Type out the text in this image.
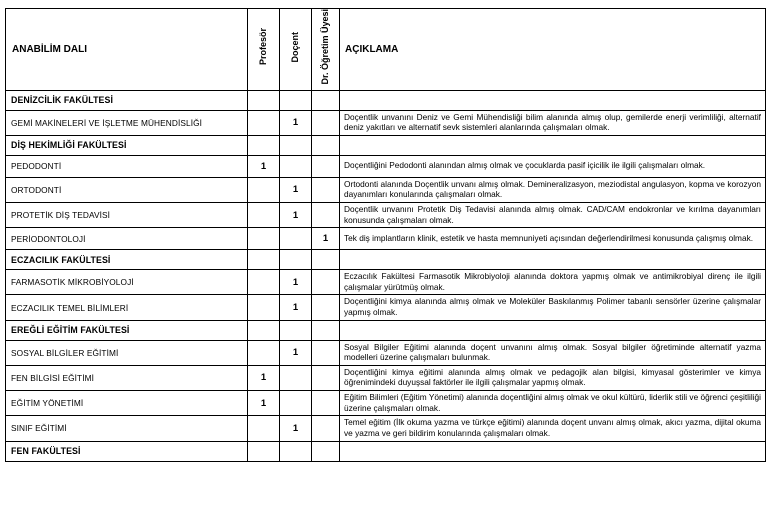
ANABİLİM DALI	Profesör	Doçent	Dr. Öğretim Üyesi	AÇIKLAMA
DENİZCİLİK FAKÜLTESİ				
GEMİ MAKİNELERİ VE İŞLETME MÜHENDİSLİĞİ		1		Doçentlik unvanını Deniz ve Gemi Mühendisliği bilim alanında almış olup, gemilerde enerji verimliliği, alternatif deniz yakıtları ve alternatif sevk sistemleri alanlarında çalışmaları olmak.
DİŞ HEKİMLİĞİ FAKÜLTESİ				
PEDODONTİ	1			Doçentliğini Pedodonti alanından almış olmak ve çocuklarda pasif içicilik ile ilgili çalışmaları olmak.
ORTODONTİ		1		Ortodonti alanında Doçentlik unvanı almış olmak. Demineralizasyon, meziodistal angulasyon, kopma ve korozyon dayanımları konularında çalışmaları olmak.
PROTETİK DİŞ TEDAVİSİ		1		Doçentlik unvanını Protetik Diş Tedavisi alanında almış olmak. CAD/CAM endokronlar ve kırılma dayanımları konusunda çalışmaları olmak.
PERİODONTOLOJİ			1	Tek diş implantların klinik, estetik ve hasta memnuniyeti açısından değerlendirilmesi konusunda çalışmış olmak.
ECZACILIK FAKÜLTESİ				
FARMASOTİK MİKROBİYOLOJİ		1		Eczacılık Fakültesi Farmasotik Mikrobiyoloji alanında doktora yapmış olmak ve antimikrobiyal direnç ile ilgili çalışmalar yürütmüş olmak.
ECZACILIK TEMEL BİLİMLERİ		1		Doçentliğini kimya alanında almış olmak ve Moleküler Baskılanmış Polimer tabanlı sensörler üzerine çalışmalar yapmış olmak.
EREĞLİ EĞİTİM FAKÜLTESİ				
SOSYAL BİLGİLER EĞİTİMİ		1		Sosyal Bilgiler Eğitimi alanında doçent unvanını almış olmak. Sosyal bilgiler öğretiminde alternatif yazma modelleri üzerine çalışmaları bulunmak.
FEN BİLGİSİ EĞİTİMİ	1			Doçentliğini kimya eğitimi alanında almış olmak ve pedagojik alan bilgisi, kimyasal gösterimler ve kimya öğrenimindeki duyuşsal faktörler ile ilgili çalışmalar yapmış olmak.
EĞİTİM YÖNETİMİ	1			Eğitim Bilimleri (Eğitim Yönetimi) alanında doçentliğini almış olmak ve okul kültürü, liderlik stili ve öğrenci çeşitliliği üzerine çalışmaları olmak.
SINIF EĞİTİMİ		1		Temel eğitim (İlk okuma yazma ve türkçe eğitimi) alanında doçent unvanı almış olmak, akıcı yazma, dijital okuma ve yazma ve geri bildirim konularında çalışmaları olmak.
FEN FAKÜLTESİ				
